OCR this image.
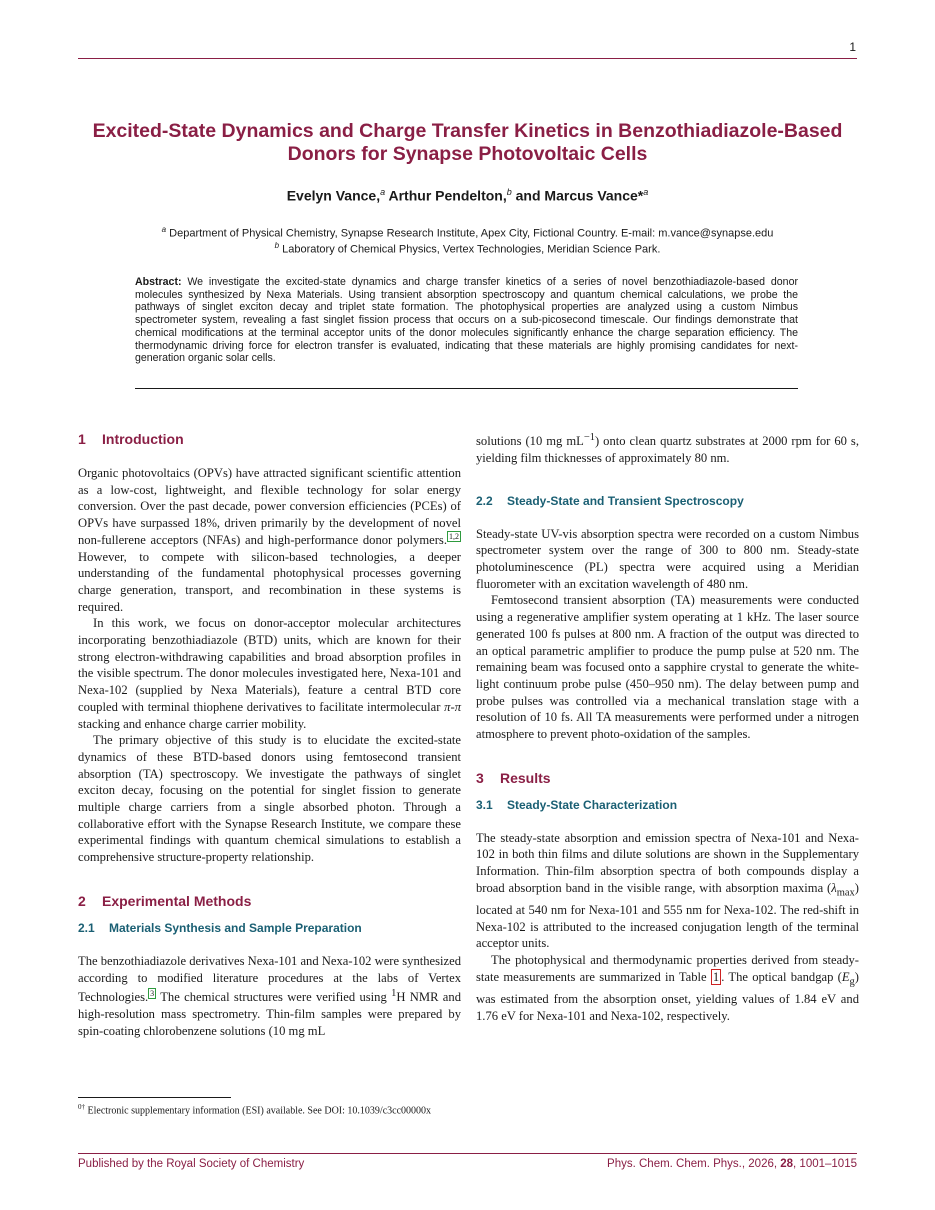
1
Excited-State Dynamics and Charge Transfer Kinetics in Benzothiadiazole-Based Donors for Synapse Photovoltaic Cells
Evelyn Vance,$^a$ Arthur Pendelton,$^b$ and Marcus Vance*$^a$
$^a$ Department of Physical Chemistry, Synapse Research Institute, Apex City, Fictional Country. E-mail: m.vance@synapse.edu
$^b$ Laboratory of Chemical Physics, Vertex Technologies, Meridian Science Park.

Abstract: We investigate the excited-state dynamics and charge transfer kinetics of a series of novel benzothiadiazole-based donor molecules synthesized by Nexa Materials. Using transient absorption spectroscopy and quantum chemical calculations, we probe the pathways of singlet exciton decay and triplet state formation. The photophysical properties are analyzed using a custom Nimbus spectrometer system, revealing a fast singlet fission process that occurs on a sub-picosecond timescale. Our findings demonstrate that chemical modifications at the terminal acceptor units of the donor molecules significantly enhance the charge separation efficiency. The thermodynamic driving force for electron transfer is evaluated, indicating that these materials are highly promising candidates for next-generation organic solar cells.

1 Introduction

Organic photovoltaics (OPVs) have attracted significant scientific attention as a low-cost, lightweight, and flexible technology for solar energy conversion. Over the past decade, power conversion efficiencies (PCEs) of OPVs have surpassed 18%, driven primarily by the development of novel non-fullerene acceptors (NFAs) and high-performance donor polymers. $^{1,2}$ However, to compete with silicon-based technologies, a deeper understanding of the fundamental photophysical processes governing charge generation, transport, and recombination in these systems is required.

In this work, we focus on donor-acceptor molecular architectures incorporating benzothiadiazole (BTD) units, which are known for their strong electron-withdrawing capabilities and broad absorption profiles in the visible spectrum. The donor molecules investigated here, Nexa-101 and Nexa-102 (supplied by Nexa Materials), feature a central BTD core coupled with terminal thiophene derivatives to facilitate intermolecular π-π stacking and enhance charge carrier mobility.

The primary objective of this study is to elucidate the excited-state dynamics of these BTD-based donors using femtosecond transient absorption (TA) spectroscopy. We investigate the pathways of singlet exciton decay, focusing on the potential for singlet fission to generate multiple charge carriers from a single absorbed photon. Through a collaborative effort with the Synapse Research Institute, we compare these experimental findings with quantum chemical simulations to establish a comprehensive structure-property relationship.

2 Experimental Methods
2.1 Materials Synthesis and Sample Preparation

The benzothiadiazole derivatives Nexa-101 and Nexa-102 were synthesized according to modified literature procedures at the labs of Vertex Technologies. $^3$ The chemical structures were verified using $^1$H NMR and high-resolution mass spectrometry. Thin-film samples were prepared by spin-coating chlorobenzene solutions (10 mg mL

solutions (10 mg $mL^{-1}$) onto clean quartz substrates at 2000 rpm for 60 s, yielding film thicknesses of approximately 80 nm.

2.2 Steady-State and Transient Spectroscopy

Steady-state UV-vis absorption spectra were recorded on a custom Nimbus spectrometer system over the range of 300 to 800 nm. Steady-state photoluminescence (PL) spectra were acquired using a Meridian fluorometer with an excitation wavelength of 480 nm.

Femtosecond transient absorption (TA) measurements were conducted using a regenerative amplifier system operating at 1 kHz. The laser source generated 100 fs pulses at 800 nm. A fraction of the output was directed to an optical parametric amplifier to produce the pump pulse at 520 nm. The remaining beam was focused onto a sapphire crystal to generate the white-light continuum probe pulse (450–950 nm). The delay between pump and probe pulses was controlled via a mechanical translation stage with a resolution of 10 fs. All TA measurements were performed under a nitrogen atmosphere to prevent photo-oxidation of the samples.

3 Results
3.1 Steady-State Characterization

The steady-state absorption and emission spectra of Nexa-101 and Nexa-102 in both thin films and dilute solutions are shown in the Supplementary Information. Thin-film absorption spectra of both compounds display a broad absorption band in the visible range, with absorption maxima $(\lambda_{max})$ located at 540 nm for Nexa-101 and 555 nm for Nexa-102. The red-shift in Nexa-102 is attributed to the increased conjugation length of the terminal acceptor units.

The photophysical and thermodynamic properties derived from steady-state measurements are summarized in Table 1 . The optical bandgap $(E_g)$ was estimated from the absorption onset, yielding values of 1.84 eV and 1.76 eV for Nexa-101 and Nexa-102, respectively.

$^{0\dagger}$ Electronic supplementary information (ESI) available. See DOI: 10.1039/c3cc00000x
Published by the Royal Society of Chemistry	Phys. Chem. Chem. Phys., 2026, 28, 1001–1015
